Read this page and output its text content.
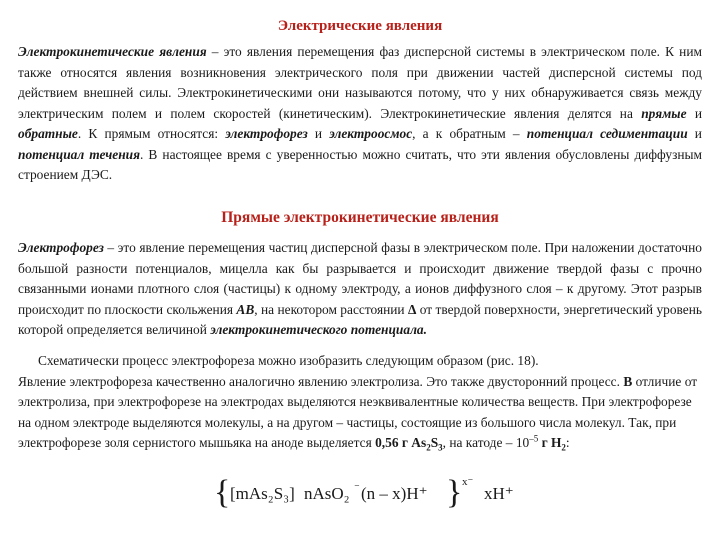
Электрические явления

Электрокинетические явления – это явления перемещения фаз дисперсной системы в электрическом поле. К ним также относятся явления возникновения электрического поля при движении частей дисперсной системы под действием внешней силы. Электрокинетическими они называются потому, что у них обнаруживается связь между электрическим полем и полем скоростей (кинетическим). Электрокинетические явления делятся на прямые и обратные. К прямым относятся: электрофорез и электроосмос, а к обратным – потенциал седиментации и потенциал течения. В настоящее время с уверенностью можно считать, что эти явления обусловлены диффузным строением ДЭС.

Прямые электрокинетические явления

Электрофорез – это явление перемещения частиц дисперсной фазы в электрическом поле. При наложении достаточно большой разности потенциалов, мицелла как бы разрывается и происходит движение твердой фазы с прочно связанными ионами плотного слоя (частицы) к одному электроду, а ионов диффузного слоя – к другому. Этот разрыв происходит по плоскости скольжения АВ, на некотором расстоянии Δ от твердой поверхности, энергетический уровень которой определяется величиной электрокинетического потенциала.

Схематически процесс электрофореза можно изобразить следующим образом (рис. 18).
Явление электрофореза качественно аналогично явлению электролиза. Это также двусторонний процесс. В отличие от электролиза, при электрофорезе на электродах выделяются неэквивалентные количества веществ. При электрофорезе на одном электроде выделяются молекулы, а на другом – частицы, состоящие из большого числа молекул. Так, при электрофорезе золя сернистого мышьяка на аноде выделяется 0,56 г $As_2S_3$, на катоде – $10^{-5}$ г $H_2$:

{ [mAs₂S₃] nAsO₂ ⁻ (n – x)H⁺ } x⁻
xH⁺
